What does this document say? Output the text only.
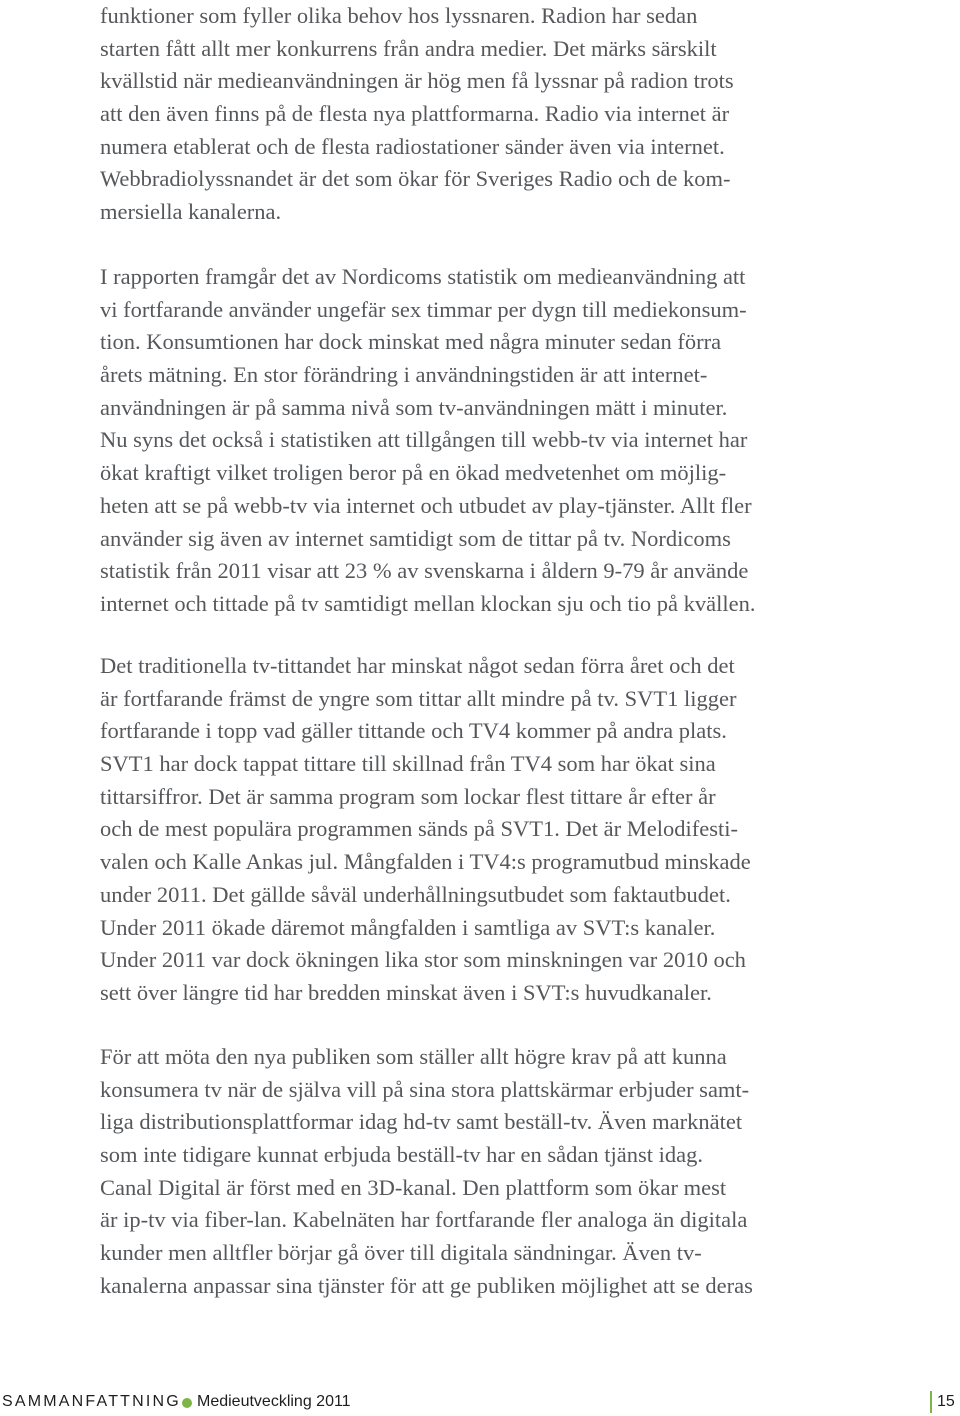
funktioner som fyller olika behov hos lyssnaren. Radion har sedan
starten fått allt mer konkurrens från andra medier. Det märks särskilt
kvällstid när medieanvändningen är hög men få lyssnar på radion trots
att den även finns på de flesta nya plattformarna. Radio via internet är
numera etablerat och de flesta radiostationer sänder även via internet.
Webbradiolyssnandet är det som ökar för Sveriges Radio och de kom-
mersiella kanalerna.
I rapporten framgår det av Nordicoms statistik om medieanvändning att
vi fortfarande använder ungefär sex timmar per dygn till mediekonsum-
tion. Konsumtionen har dock minskat med några minuter sedan förra
årets mätning. En stor förändring i användningstiden är att internet-
användningen är på samma nivå som tv-användningen mätt i minuter.
Nu syns det också i statistiken att tillgången till webb-tv via internet har
ökat kraftigt vilket troligen beror på en ökad medvetenhet om möjlig-
heten att se på webb-tv via internet och utbudet av play-tjänster. Allt fler
använder sig även av internet samtidigt som de tittar på tv. Nordicoms
statistik från 2011 visar att 23 % av svenskarna i åldern 9-79 år använde
internet och tittade på tv samtidigt mellan klockan sju och tio på kvällen.
Det traditionella tv-tittandet har minskat något sedan förra året och det
är fortfarande främst de yngre som tittar allt mindre på tv. SVT1 ligger
fortfarande i topp vad gäller tittande och TV4 kommer på andra plats.
SVT1 har dock tappat tittare till skillnad från TV4 som har ökat sina
tittarsiffror. Det är samma program som lockar flest tittare år efter år
och de mest populära programmen sänds på SVT1. Det är Melodifesti-
valen och Kalle Ankas jul. Mångfalden i TV4:s programutbud minskade
under 2011. Det gällde såväl underhållningsutbudet som faktautbudet.
Under 2011 ökade däremot mångfalden i samtliga av SVT:s kanaler.
Under 2011 var dock ökningen lika stor som minskningen var 2010 och
sett över längre tid har bredden minskat även i SVT:s huvudkanaler.
För att möta den nya publiken som ställer allt högre krav på att kunna
konsumera tv när de själva vill på sina stora plattskärmar erbjuder samt-
liga distributionsplattformar idag hd-tv samt beställ-tv. Även marknätet
som inte tidigare kunnat erbjuda beställ-tv har en sådan tjänst idag.
Canal Digital är först med en 3D-kanal. Den plattform som ökar mest
är ip-tv via fiber-lan. Kabelnäten har fortfarande fler analoga än digitala
kunder men alltfler börjar gå över till digitala sändningar. Även tv-
kanalerna anpassar sina tjänster för att ge publiken möjlighet att se deras
SAMMANFATTNING Medieutveckling 2011	15
